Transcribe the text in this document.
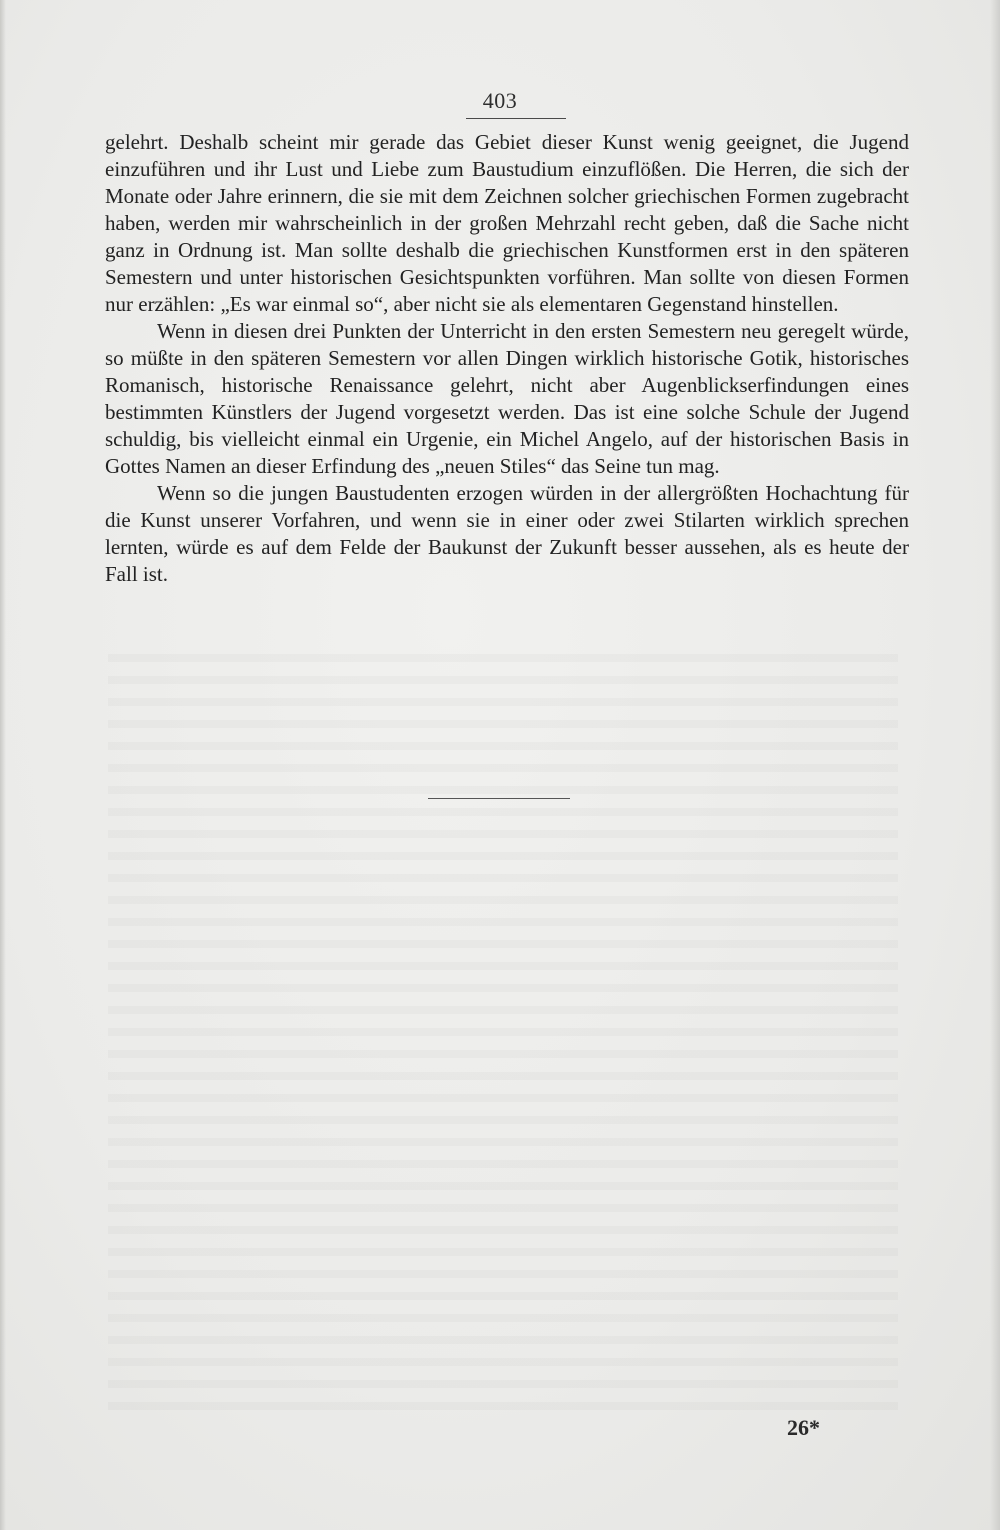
403

gelehrt. Deshalb scheint mir gerade das Gebiet dieser Kunst wenig geeignet, die Jugend einzuführen und ihr Lust und Liebe zum Baustudium einzuflößen. Die Herren, die sich der Monate oder Jahre erinnern, die sie mit dem Zeichnen solcher griechischen Formen zugebracht haben, werden mir wahrscheinlich in der großen Mehrzahl recht geben, daß die Sache nicht ganz in Ordnung ist. Man sollte deshalb die griechischen Kunstformen erst in den späteren Semestern und unter historischen Gesichtspunkten vorführen. Man sollte von diesen Formen nur erzählen: „Es war einmal so“, aber nicht sie als elementaren Gegenstand hinstellen.

Wenn in diesen drei Punkten der Unterricht in den ersten Semestern neu geregelt würde, so müßte in den späteren Semestern vor allen Dingen wirklich historische Gotik, historisches Romanisch, historische Renaissance gelehrt, nicht aber Augenblickserfindungen eines bestimmten Künstlers der Jugend vorgesetzt werden. Das ist eine solche Schule der Jugend schuldig, bis vielleicht einmal ein Urgenie, ein Michel Angelo, auf der historischen Basis in Gottes Namen an dieser Erfindung des „neuen Stiles“ das Seine tun mag.

Wenn so die jungen Baustudenten erzogen würden in der allergrößten Hochachtung für die Kunst unserer Vorfahren, und wenn sie in einer oder zwei Stilarten wirklich sprechen lernten, würde es auf dem Felde der Baukunst der Zukunft besser aussehen, als es heute der Fall ist.

26*
